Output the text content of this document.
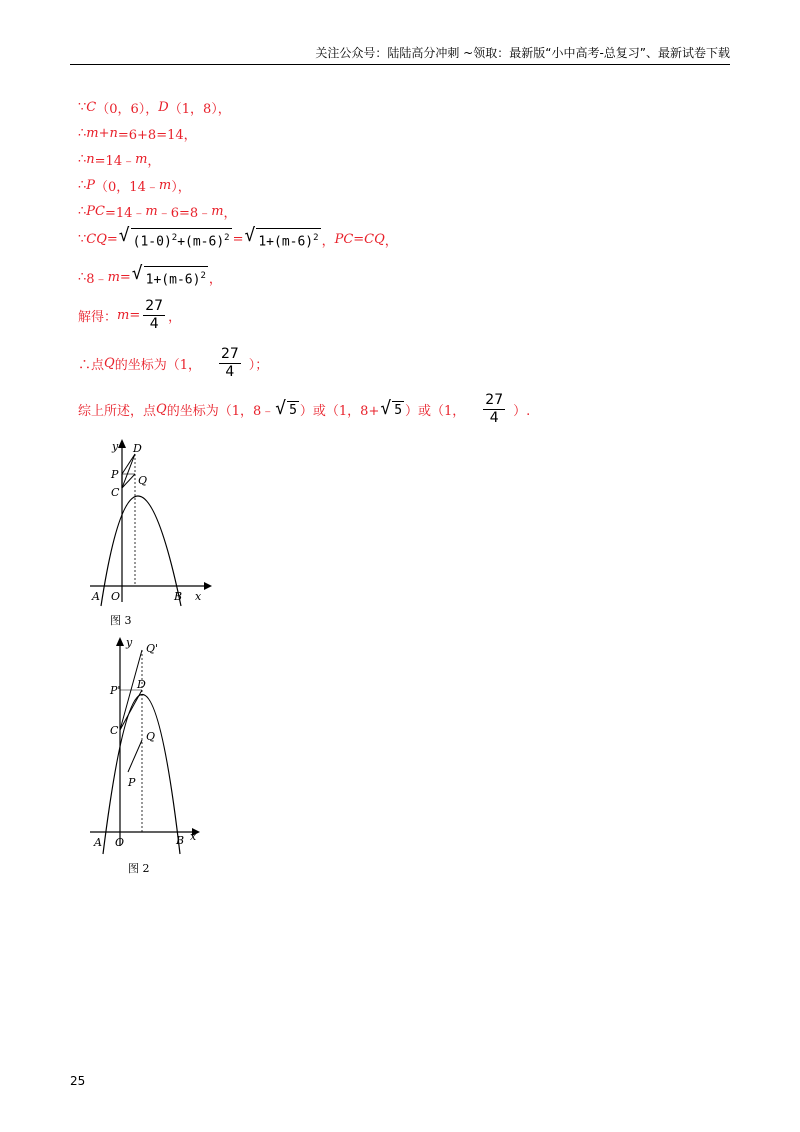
关注公众号：陆陆高分冲刺 ~领取：最新版“小中高考-总复习”、最新试卷下载
∵ C （0，6）， D （1，8），
∴ m+n =6+8=14，
∴ n =14﹣ m ，
∴ P （0，14﹣ m ），
∴ PC =14﹣ m ﹣6=8﹣ m ，
∵ CQ = √ $(1-0)^2+(m-6)^2$ = √ $1+(m-6)^2$ ， PC=CQ ，
∴ 8﹣ m = √ $1+(m-6)^2$ ，
解得： $m = \frac{27}{4}$ ，
∴点 Q 的坐标为（1， $\frac{27}{4}$ ）；
综上所述，点 Q 的坐标为（1，8﹣ √ 5 ）或（1，8+ √ 5 ）或（1， $\frac{27}{4}$ ）.
y D
P
C
Q
A O	B x
图 3
y Q'
P' D
C	Q
P
A O	B x
图 2
25
